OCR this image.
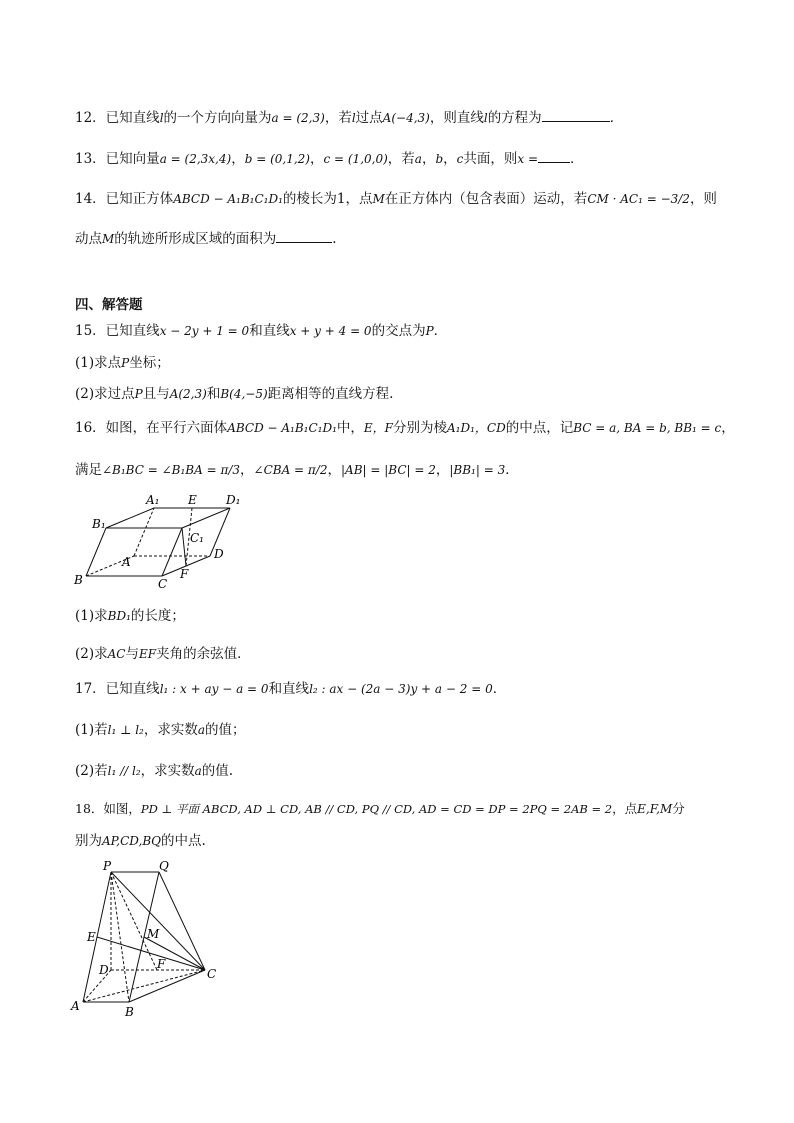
12．已知直线l的一个方向向量为a = (2,3)，若l过点A(−4,3)，则直线l的方程为	．
13．已知向量a = (2,3x,4)，b = (0,1,2)，c = (1,0,0)，若a，b，c共面，则x = ．
14．已知正方体ABCD − A₁B₁C₁D₁的棱长为1，点M在正方体内（包含表面）运动，若CM · AC₁ = −3/2，则
动点M的轨迹所形成区域的面积为	.
四、解答题
15．已知直线x − 2y + 1 = 0和直线x + y + 4 = 0的交点为P．
(1)求点P坐标；
(2)求过点P且与A(2,3)和B(4,−5)距离相等的直线方程.
16．如图，在平行六面体ABCD − A₁B₁C₁D₁中，E，F分别为棱A₁D₁，CD的中点，记BC = a, BA = b, BB₁ = c，
满足∠B₁BC = ∠B₁BA = π/3，∠CBA = π/2，|AB| = |BC| = 2，|BB₁| = 3．
A₁ E D₁
B₁
C₁
D
A
F
B	C
(1)求BD₁的长度；
(2)求AC与EF夹角的余弦值．
17．已知直线l₁ : x + ay − a = 0和直线l₂ : ax − (2a − 3)y + a − 2 = 0．
(1)若l₁ ⊥ l₂，求实数a的值；
(2)若l₁ // l₂，求实数a的值.
18．如图，PD ⊥ 平面 ABCD, AD ⊥ CD, AB // CD, PQ // CD, AD = CD = DP = 2PQ = 2AB = 2，点E,F,M分
别为AP,CD,BQ的中点.
P	Q
E	M
D	F
C
A	B
